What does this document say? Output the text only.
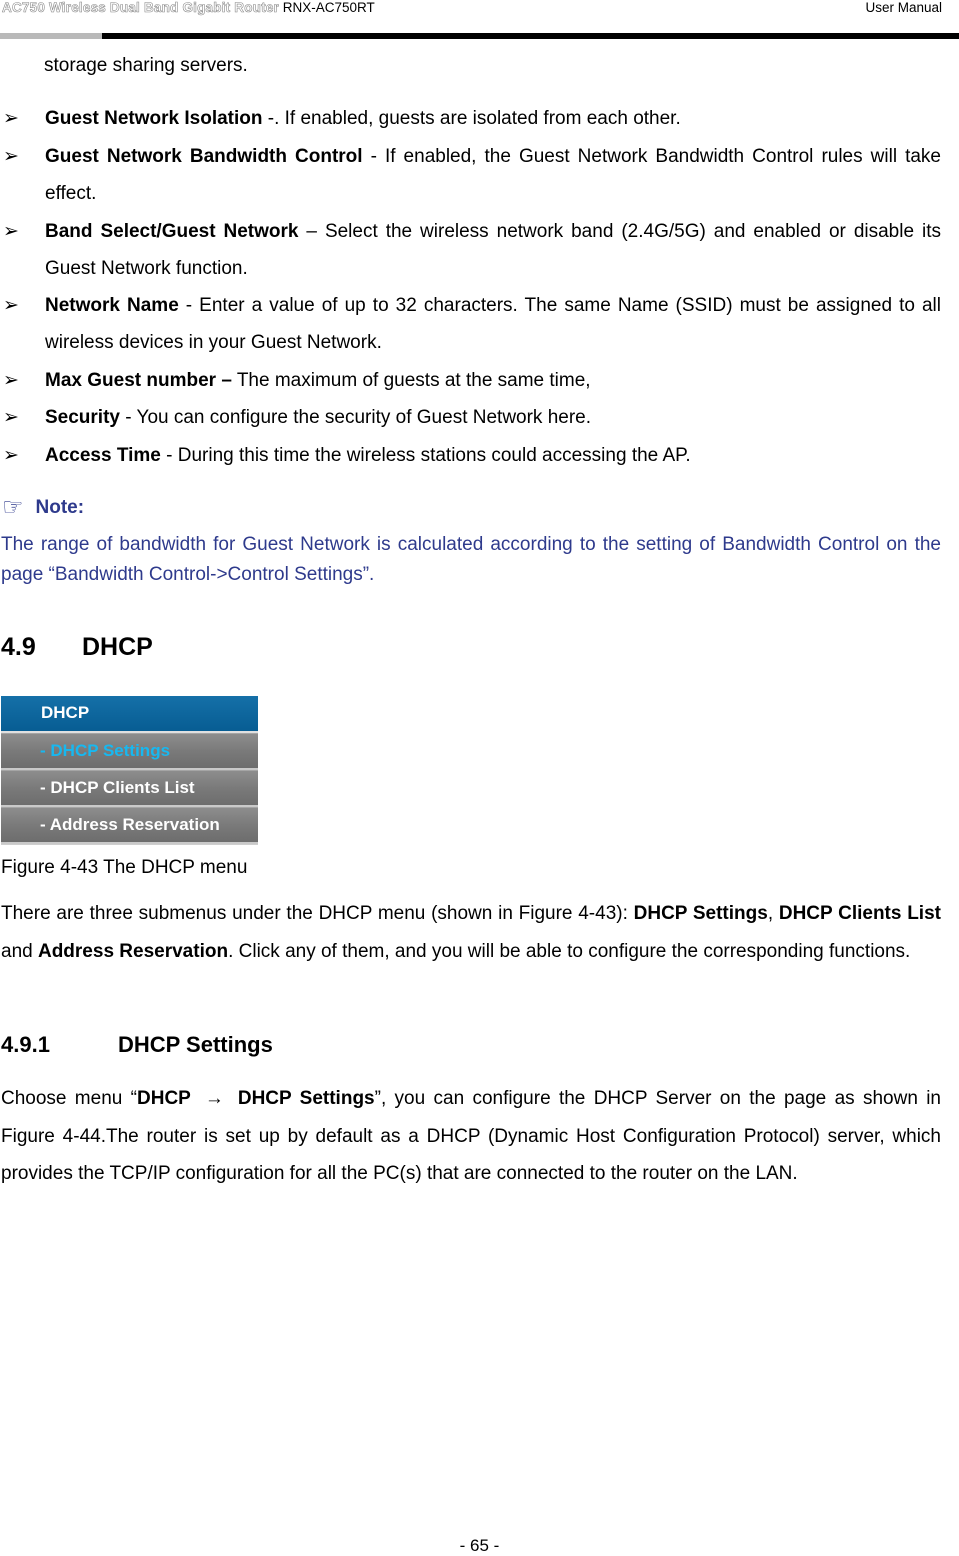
AC750 Wireless Dual Band Gigabit Router RNX-AC750RT	User Manual
storage sharing servers.
➢ Guest Network Isolation -. If enabled, guests are isolated from each other.
➢ Guest Network Bandwidth Control - If enabled, the Guest Network Bandwidth Control rules will take effect.
➢ Band Select/Guest Network – Select the wireless network band (2.4G/5G) and enabled or disable its Guest Network function.
➢ Network Name - Enter a value of up to 32 characters. The same Name (SSID) must be assigned to all wireless devices in your Guest Network.
➢ Max Guest number – The maximum of guests at the same time,
➢ Security - You can configure the security of Guest Network here.
➢ Access Time - During this time the wireless stations could accessing the AP.
☞ Note:
The range of bandwidth for Guest Network is calculated according to the setting of Bandwidth Control on the page “Bandwidth Control->Control Settings”.
4.9 DHCP
DHCP
- DHCP Settings
- DHCP Clients List
- Address Reservation
Figure 4-43 The DHCP menu
There are three submenus under the DHCP menu (shown in Figure 4-43): DHCP Settings, DHCP Clients List and Address Reservation. Click any of them, and you will be able to configure the corresponding functions.
4.9.1	DHCP Settings
Choose menu “DHCP → DHCP Settings”, you can configure the DHCP Server on the page as shown in Figure 4-44.The router is set up by default as a DHCP (Dynamic Host Configuration Protocol) server, which provides the TCP/IP configuration for all the PC(s) that are connected to the router on the LAN.
- 65 -
